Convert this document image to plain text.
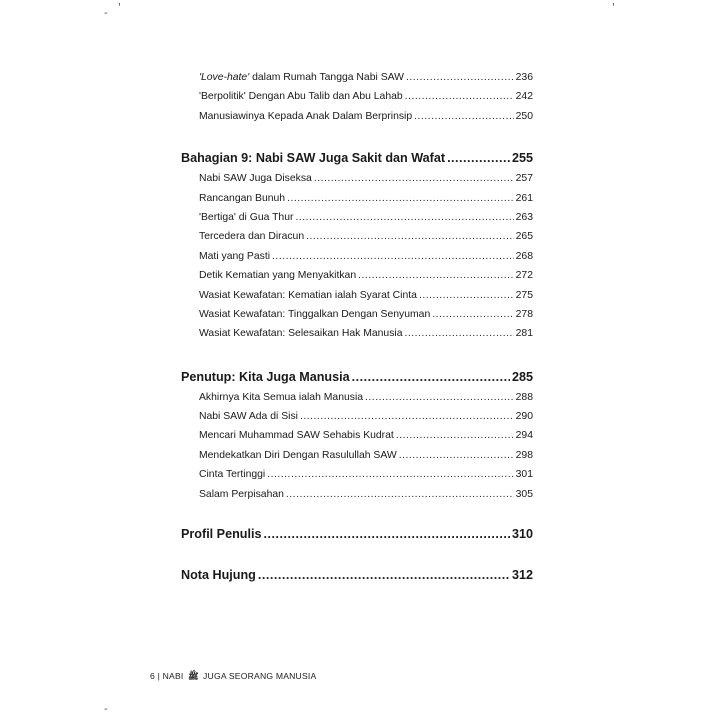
'
-
'
-
'Love-hate' dalam Rumah Tangga Nabi SAW .....	236
'Berpolitik' Dengan Abu Talib dan Abu Lahab .....	242
Manusiawinya Kepada Anak Dalam Berprinsip .....	250
Bahagian 9: Nabi SAW Juga Sakit dan Wafat .....	255
Nabi SAW Juga Diseksa .....	257
Rancangan Bunuh .....	261
'Bertiga' di Gua Thur .....	263
Tercedera dan Diracun .....	265
Mati yang Pasti .....	268
Detik Kematian yang Menyakitkan .....	272
Wasiat Kewafatan: Kematian ialah Syarat Cinta .....	275
Wasiat Kewafatan: Tinggalkan Dengan Senyuman .....	278
Wasiat Kewafatan: Selesaikan Hak Manusia .....	281
Penutup: Kita Juga Manusia .....	285
Akhirnya Kita Semua ialah Manusia .....	288
Nabi SAW Ada di Sisi .....	290
Mencari Muhammad SAW Sehabis Kudrat .....	294
Mendekatkan Diri Dengan Rasulullah SAW .....	298
Cinta Tertinggi .....	301
Salam Perpisahan .....	305
Profil Penulis .....	310
Nota Hujung .....	312
6 | NABI ﷺ JUGA SEORANG MANUSIA
